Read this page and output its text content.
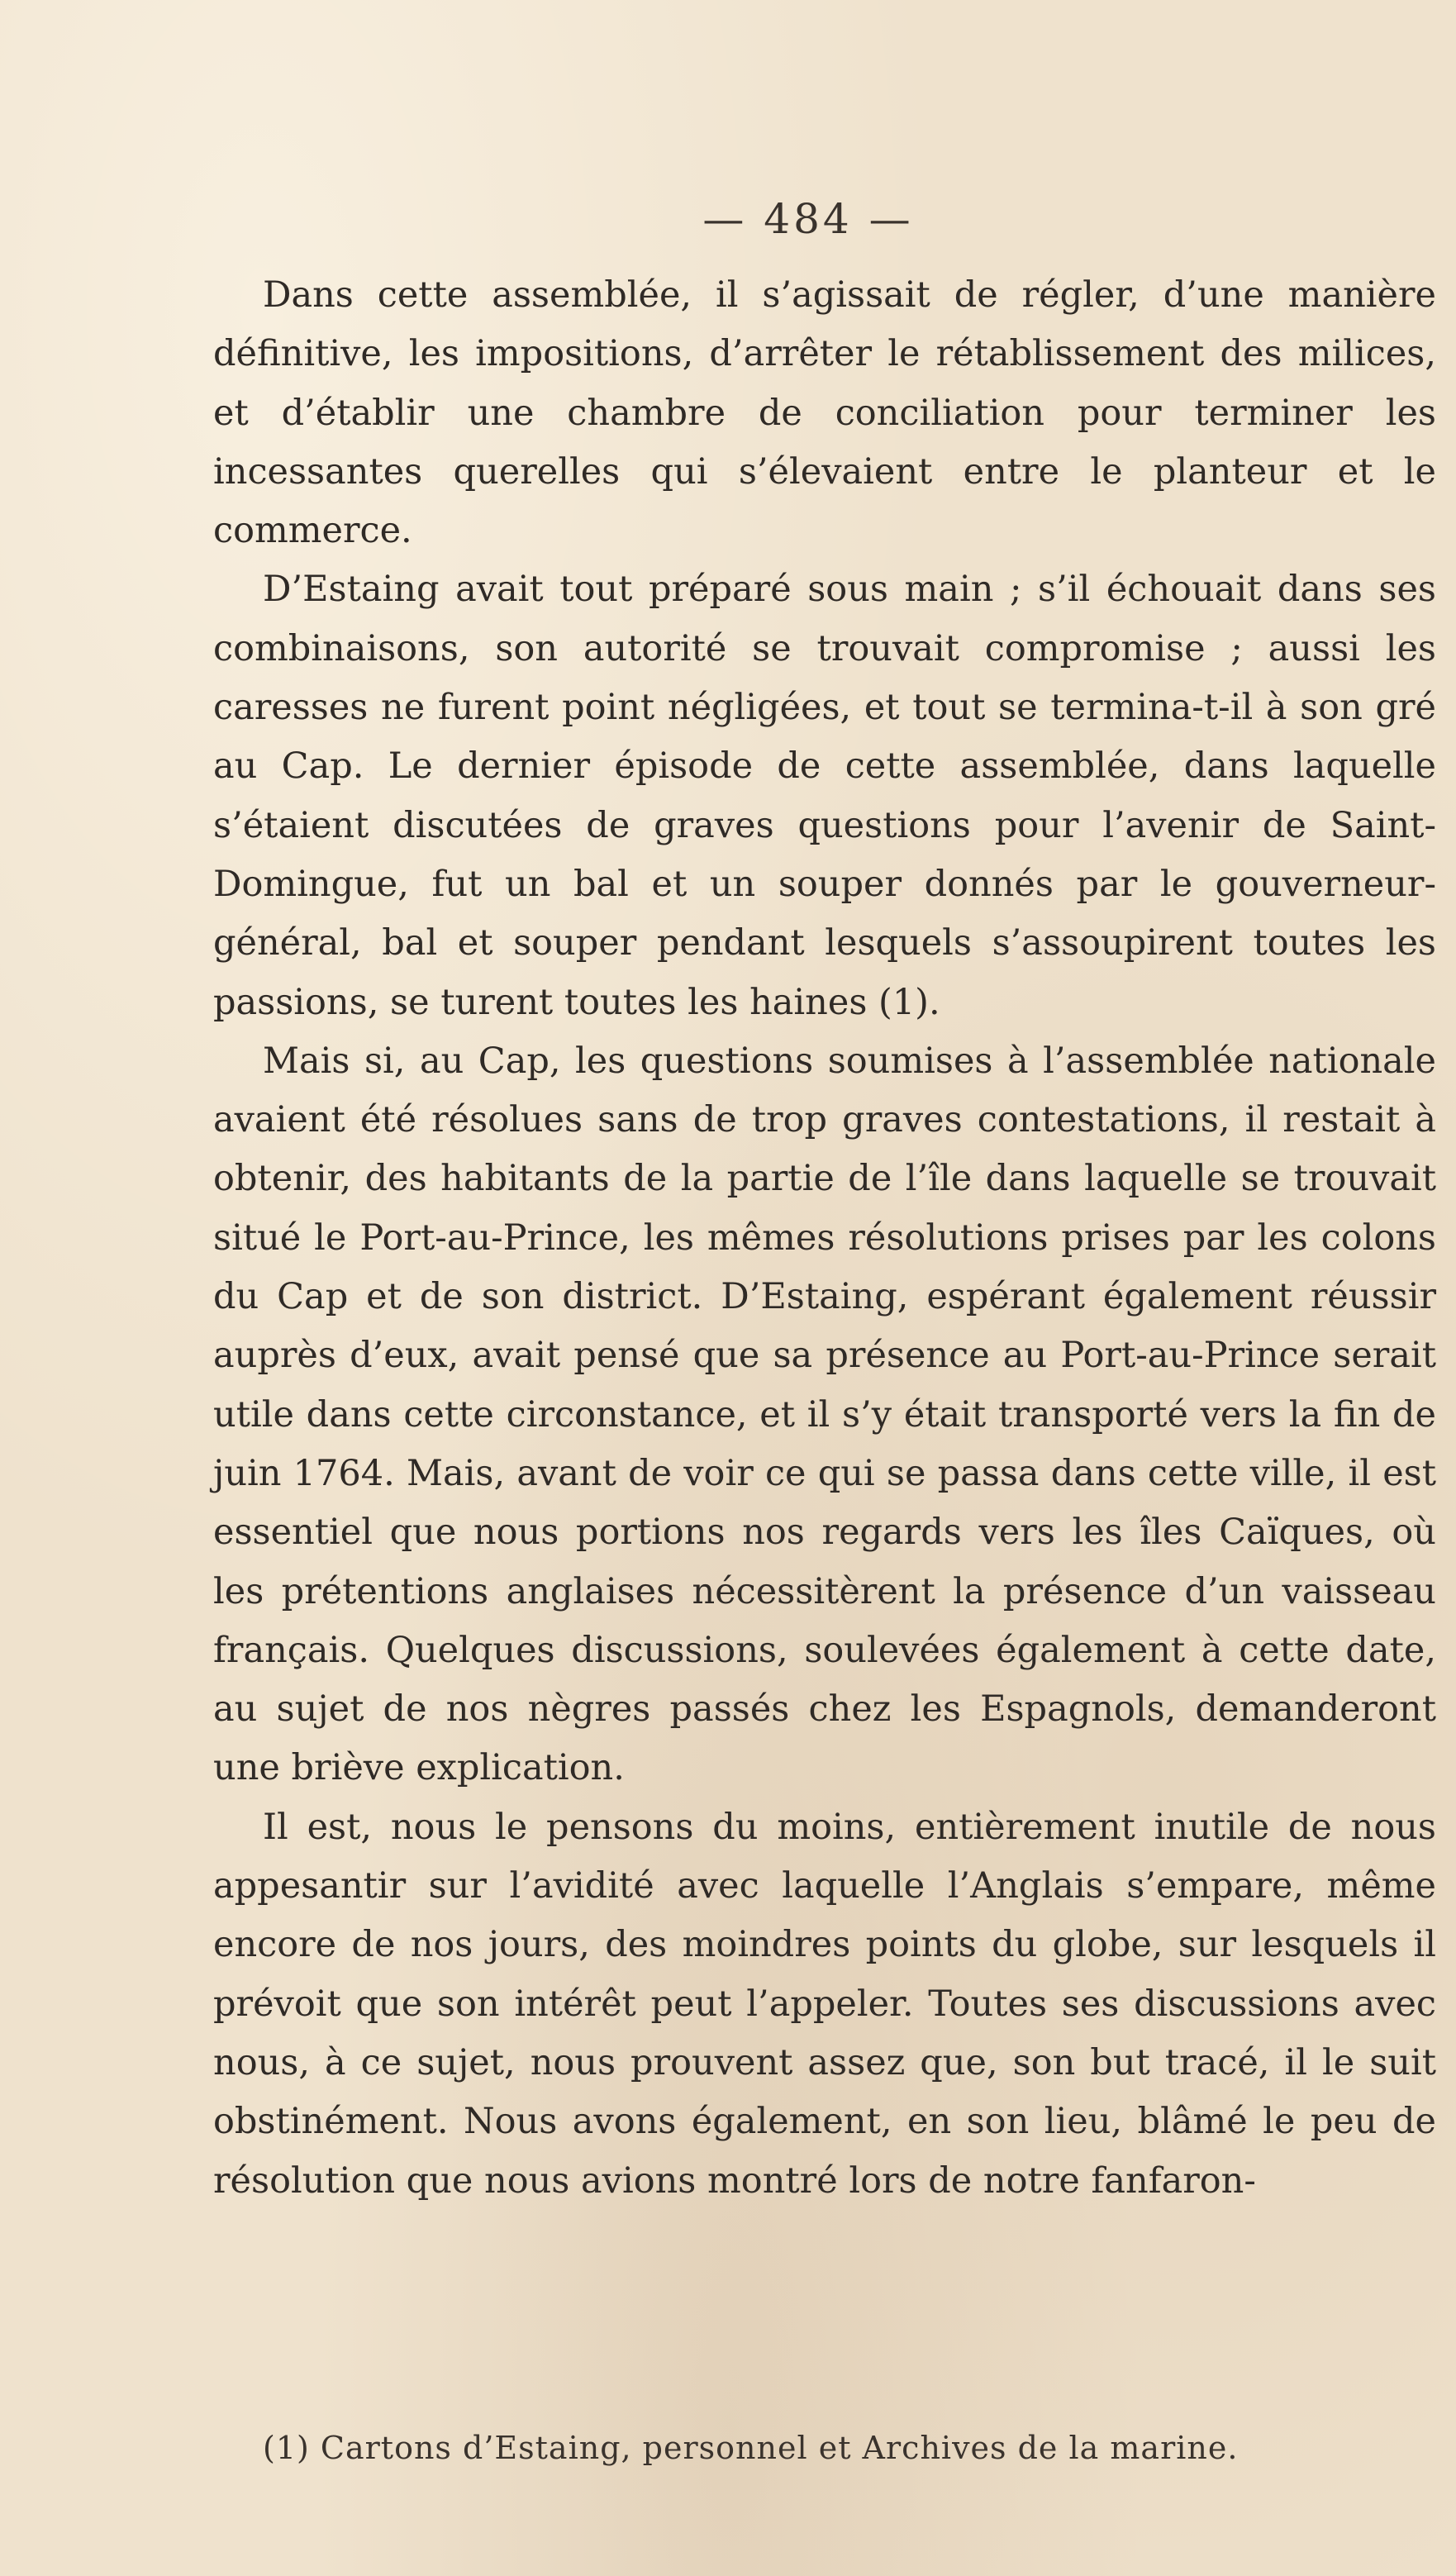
— 484 —

Dans cette assemblée, il s’agissait de régler, d’une manière définitive, les impositions, d’arrêter le rétablissement des milices, et d’établir une chambre de conciliation pour terminer les incessantes querelles qui s’élevaient entre le planteur et le commerce.

D’Estaing avait tout préparé sous main ; s’il échouait dans ses combinaisons, son autorité se trouvait compromise ; aussi les caresses ne furent point négligées, et tout se termina-t-il à son gré au Cap. Le dernier épisode de cette assemblée, dans laquelle s’étaient discutées de graves questions pour l’avenir de Saint-Domingue, fut un bal et un souper donnés par le gouverneur-général, bal et souper pendant lesquels s’assoupirent toutes les passions, se turent toutes les haines (1).

Mais si, au Cap, les questions soumises à l’assemblée nationale avaient été résolues sans de trop graves contestations, il restait à obtenir, des habitants de la partie de l’île dans laquelle se trouvait situé le Port-au-Prince, les mêmes résolutions prises par les colons du Cap et de son district. D’Estaing, espérant également réussir auprès d’eux, avait pensé que sa présence au Port-au-Prince serait utile dans cette circonstance, et il s’y était transporté vers la fin de juin 1764. Mais, avant de voir ce qui se passa dans cette ville, il est essentiel que nous portions nos regards vers les îles Caïques, où les prétentions anglaises nécessitèrent la présence d’un vaisseau français. Quelques discussions, soulevées également à cette date, au sujet de nos nègres passés chez les Espagnols, demanderont une briève explication.

Il est, nous le pensons du moins, entièrement inutile de nous appesantir sur l’avidité avec laquelle l’Anglais s’empare, même encore de nos jours, des moindres points du globe, sur lesquels il prévoit que son intérêt peut l’appeler. Toutes ses discussions avec nous, à ce sujet, nous prouvent assez que, son but tracé, il le suit obstinément. Nous avons également, en son lieu, blâmé le peu de résolution que nous avions montré lors de notre fanfaron-

(1) Cartons d’Estaing, personnel et Archives de la marine.
